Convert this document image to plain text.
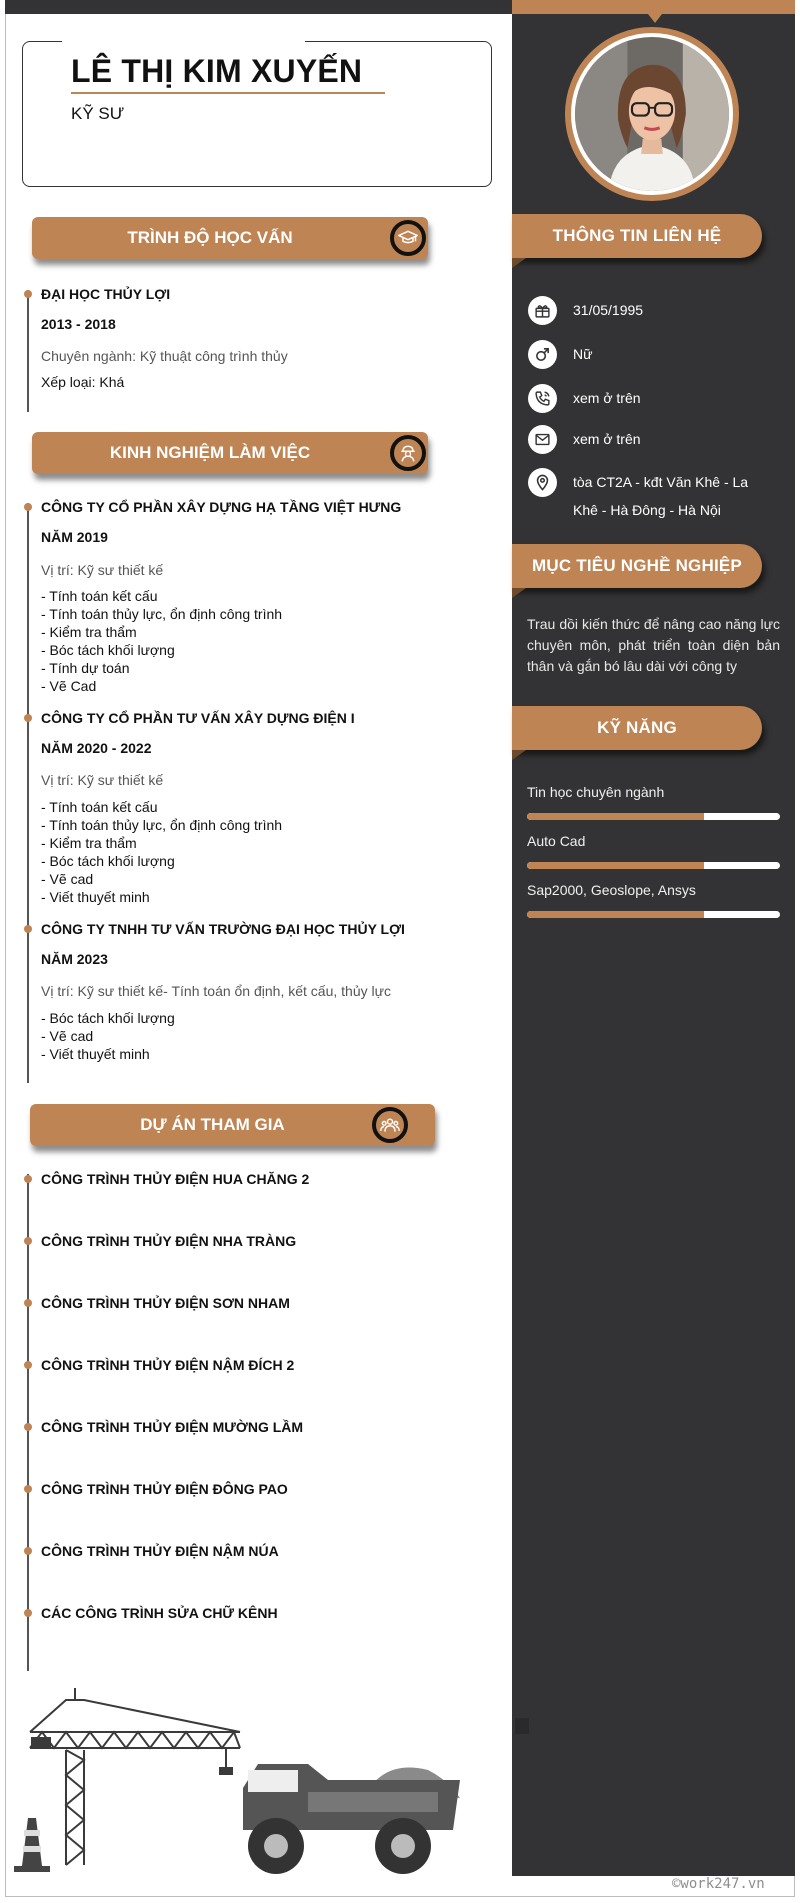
THÔNG TIN LIÊN HỆ
31/05/1995
Nữ
xem ở trên
xem ở trên
tòa CT2A - kđt Văn Khê - La Khê - Hà Đông - Hà Nội
MỤC TIÊU NGHỀ NGHIỆP
Trau dồi kiến thức để nâng cao năng lực chuyên môn, phát triển toàn diện bản thân và gắn bó lâu dài với công ty
KỸ NĂNG
Tin học chuyên ngành
Auto Cad
Sap2000, Geoslope, Ansys
LÊ THỊ KIM XUYẾN
KỸ SƯ
TRÌNH ĐỘ HỌC VẤN
ĐẠI HỌC THỦY LỢI
2013 - 2018
Chuyên ngành: Kỹ thuật công trình thủy
Xếp loại: Khá
KINH NGHIỆM LÀM VIỆC
CÔNG TY CỔ PHẦN XÂY DỰNG HẠ TẦNG VIỆT HƯNG
NĂM 2019
Vị trí: Kỹ sư thiết kế
- Tính toán kết cấu
- Tính toán thủy lực, ổn định công trình
- Kiểm tra thẩm
- Bóc tách khối lượng
- Tính dự toán
- Vẽ Cad
CÔNG TY CỔ PHẦN TƯ VẤN XÂY DỰNG ĐIỆN I
NĂM 2020 - 2022
Vị trí: Kỹ sư thiết kế
- Tính toán kết cấu
- Tính toán thủy lực, ổn định công trình
- Kiểm tra thẩm
- Bóc tách khối lượng
- Vẽ cad
- Viết thuyết minh
CÔNG TY TNHH TƯ VẤN TRƯỜNG ĐẠI HỌC THỦY LỢI
NĂM 2023
Vị trí: Kỹ sư thiết kế- Tính toán ổn định, kết cấu, thủy lực
- Bóc tách khối lượng
- Vẽ cad
- Viết thuyết minh
DỰ ÁN THAM GIA
CÔNG TRÌNH THỦY ĐIỆN HUA CHĂNG 2
CÔNG TRÌNH THỦY ĐIỆN NHA TRÀNG
CÔNG TRÌNH THỦY ĐIỆN SƠN NHAM
CÔNG TRÌNH THỦY ĐIỆN NẬM ĐÍCH 2
CÔNG TRÌNH THỦY ĐIỆN MƯỜNG LẦM
CÔNG TRÌNH THỦY ĐIỆN ĐÔNG PAO
CÔNG TRÌNH THỦY ĐIỆN NẬM NÚA
CÁC CÔNG TRÌNH SỬA CHỮ KÊNH
©work247.vn
